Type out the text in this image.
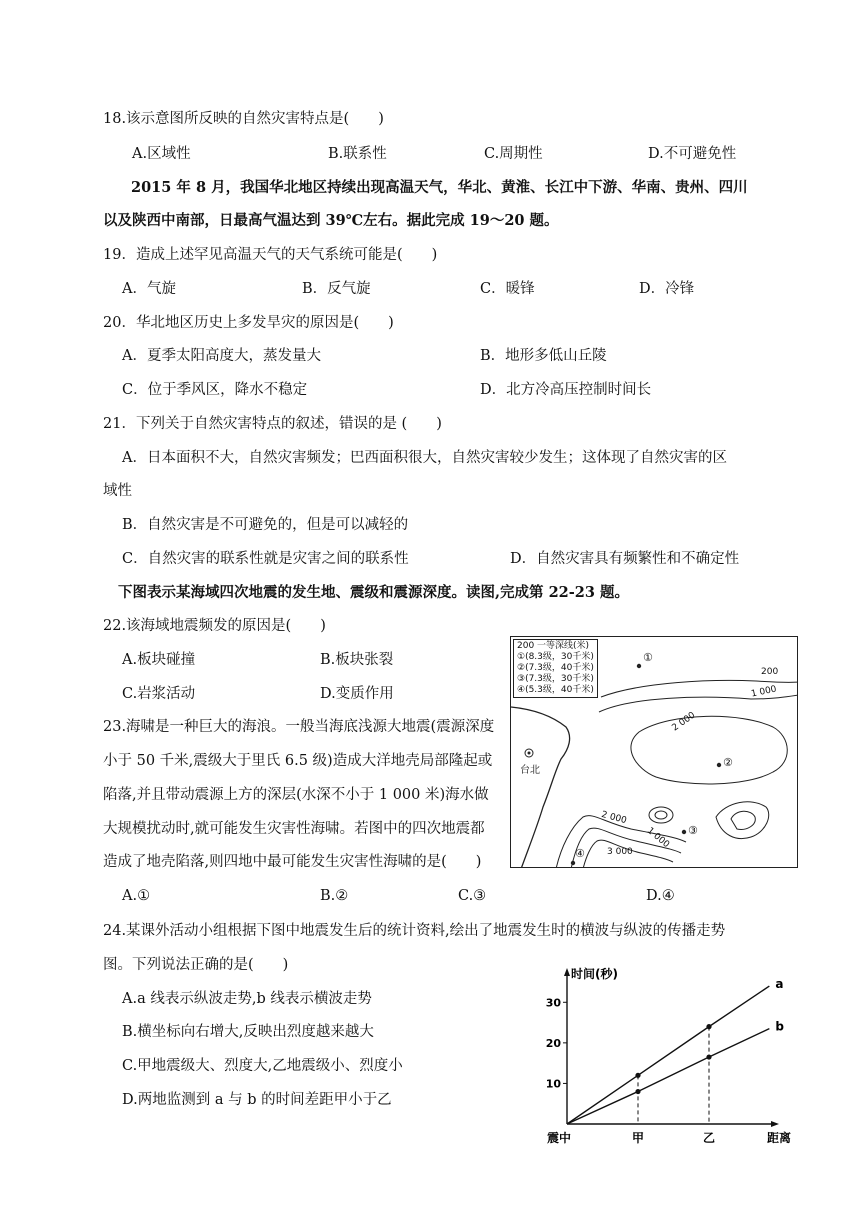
18.该示意图所反映的自然灾害特点是(　　)
A.区域性	B.联系性	C.周期性	D.不可避免性
2015 年 8 月，我国华北地区持续出现高温天气，华北、黄淮、长江中下游、华南、贵州、四川
以及陕西中南部，日最高气温达到 39℃左右。据此完成 19～20 题。
19．造成上述罕见高温天气的天气系统可能是(　　)
A．气旋	B．反气旋	C．暖锋	D．冷锋
20．华北地区历史上多发旱灾的原因是(　　)
A．夏季太阳高度大，蒸发量大	B．地形多低山丘陵
C．位于季风区，降水不稳定	D．北方冷高压控制时间长
21．下列关于自然灾害特点的叙述，错误的是 (　　)
A．日本面积不大，自然灾害频发；巴西面积很大，自然灾害较少发生；这体现了自然灾害的区
域性
B．自然灾害是不可避免的，但是可以减轻的
C．自然灾害的联系性就是灾害之间的联系性	D．自然灾害具有频繁性和不确定性
下图表示某海域四次地震的发生地、震级和震源深度。读图,完成第 22-23 题。
22.该海域地震频发的原因是(　　)
A.板块碰撞	B.板块张裂
C.岩浆活动	D.变质作用
23.海啸是一种巨大的海浪。一般当海底浅源大地震(震源深度
小于 50 千米,震级大于里氏 6.5 级)造成大洋地壳局部隆起或
陷落,并且带动震源上方的深层(水深不小于 1 000 米)海水做
大规模扰动时,就可能发生灾害性海啸。若图中的四次地震都
造成了地壳陷落,则四地中最可能发生灾害性海啸的是(　　)
A.①	B.②	C.③	D.④
200 一等深线(米)
①(8.3级，30千米)
②(7.3级，40千米)
③(7.3级，30千米)
④(5.3级，40千米)
台北
①
②
③
④
200
1 000
2 000
2 000
1 000
3 000
24.某课外活动小组根据下图中地震发生后的统计资料,绘出了地震发生时的横波与纵波的传播走势
图。下列说法正确的是(　　)
A.a 线表示纵波走势,b 线表示横波走势
B.横坐标向右增大,反映出烈度越来越大
C.甲地震级大、烈度大,乙地震级小、烈度小
D.两地监测到 a 与 b 的时间差距甲小于乙
时间(秒)
距离
震中
10
20
30
甲	乙
a
b
